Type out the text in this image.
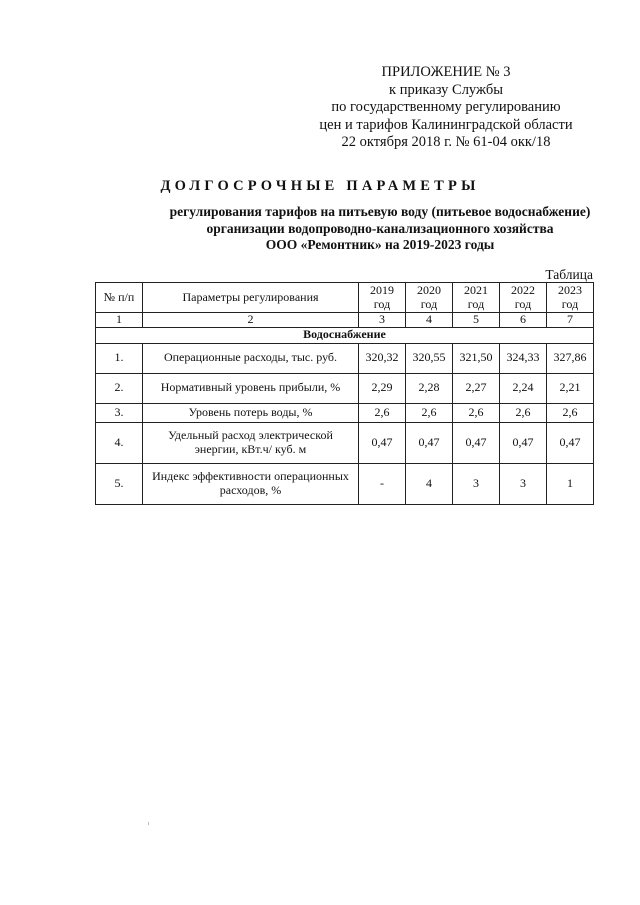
ПРИЛОЖЕНИЕ № 3
к приказу Службы
по государственному регулированию
цен и тарифов Калининградской области
22 октября 2018 г. № 61-04 окк/18
ДОЛГОСРОЧНЫЕ ПАРАМЕТРЫ
регулирования тарифов на питьевую воду (питьевое водоснабжение)
организации водопроводно-канализационного хозяйства
ООО «Ремонтник» на 2019-2023 годы
Таблица
№ п/п	Параметры регулирования	2019 год	2020 год	2021 год	2022 год	2023 год
1	2	3	4	5	6	7
Водоснабжение						
1.	Операционные расходы, тыс. руб.	320,32	320,55	321,50	324,33	327,86
2.	Нормативный уровень прибыли, %	2,29	2,28	2,27	2,24	2,21
3.	Уровень потерь воды, %	2,6	2,6	2,6	2,6	2,6
4.	Удельный расход электрической энергии, кВт.ч/ куб. м	0,47	0,47	0,47	0,47	0,47
5.	Индекс эффективности операционных расходов, %	-	4	3	3	1
